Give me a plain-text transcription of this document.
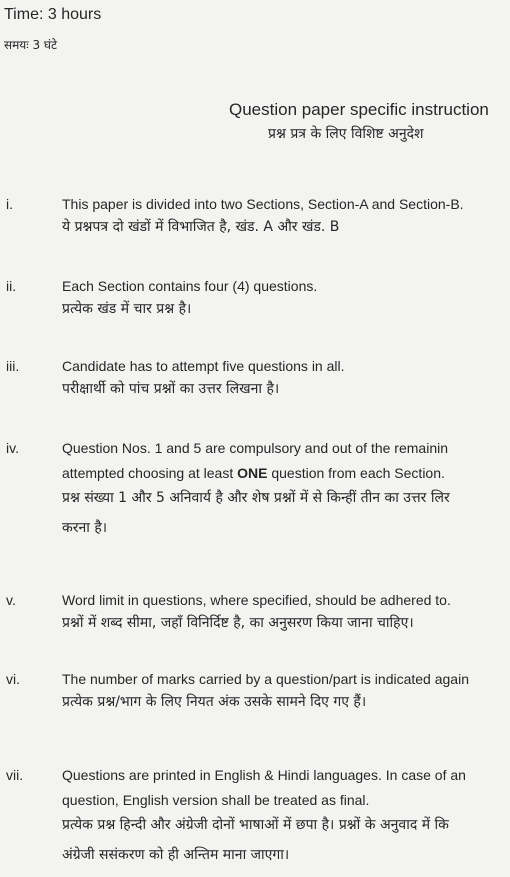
Time: 3 hours
समयः 3 घंटे
Question paper specific instruction
प्रश्न प्रत्र के लिए विशिष्ट अनुदेश
i.	This paper is divided into two Sections, Section-A and Section-B.
ये प्रश्नपत्र दो खंडों में विभाजित है, खंड. A और खंड. B
ii.	Each Section contains four (4) questions.
प्रत्येक खंड में चार प्रश्न है।
iii.	Candidate has to attempt five questions in all.
परीक्षार्थी को पांच प्रश्नों का उत्तर लिखना है।
iv.	Question Nos. 1 and 5 are compulsory and out of the remainin
attempted choosing at least ONE question from each Section.
प्रश्न संख्या 1 और 5 अनिवार्य है और शेष प्रश्नों में से किन्हीं तीन का उत्तर लिर
करना है।
v.	Word limit in questions, where specified, should be adhered to.
प्रश्नों में शब्द सीमा, जहाँ विनिर्दिष्ट है, का अनुसरण किया जाना चाहिए।
vi.	The number of marks carried by a question/part is indicated again
प्रत्येक प्रश्न/भाग के लिए नियत अंक उसके सामने दिए गए हैं।
vii.	Questions are printed in English & Hindi languages. In case of an
question, English version shall be treated as final.
प्रत्येक प्रश्न हिन्दी और अंग्रेजी दोनों भाषाओं में छपा है। प्रश्नों के अनुवाद में कि
अंग्रेजी ससंकरण को ही अन्तिम माना जाएगा।
